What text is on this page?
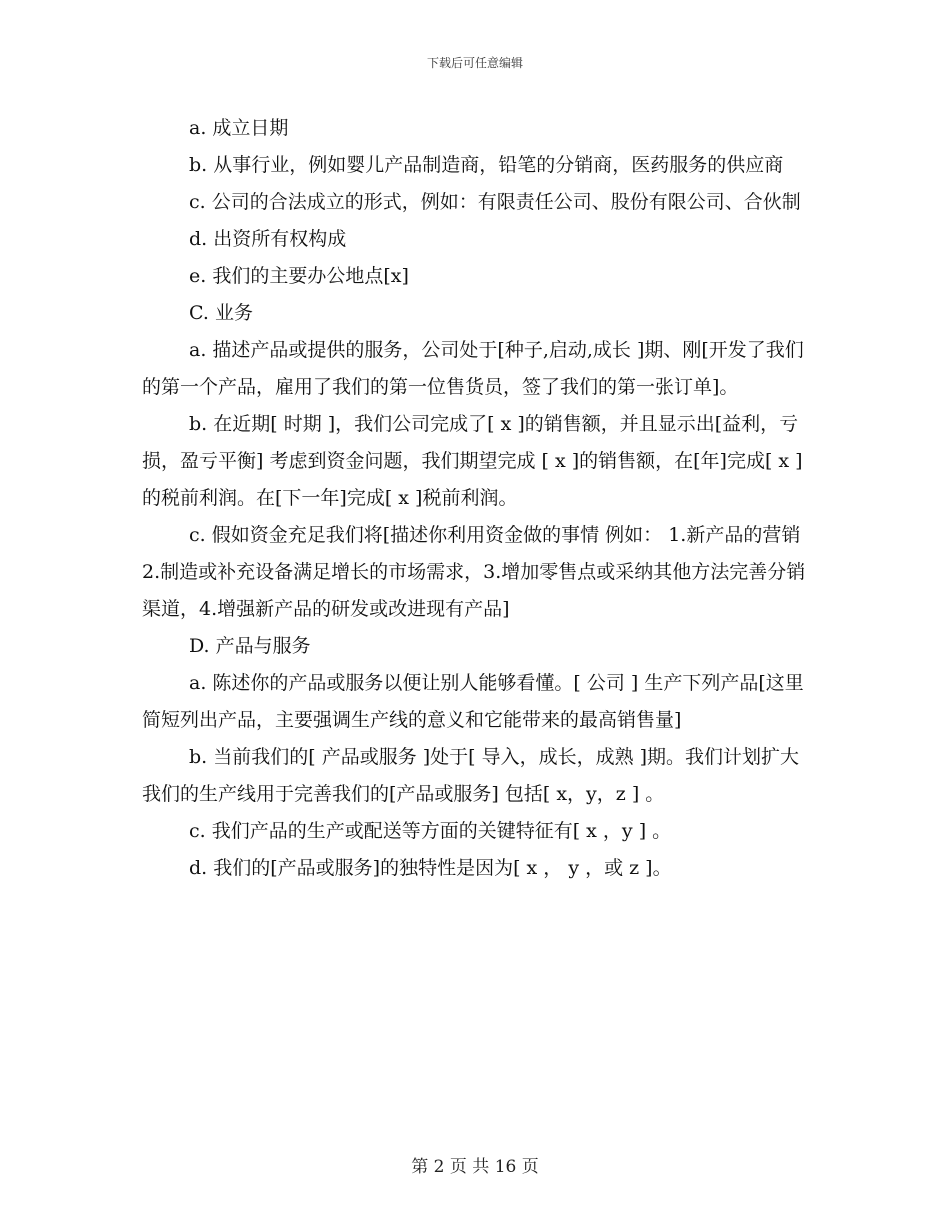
下载后可任意编辑

a. 成立日期

b. 从事行业，例如婴儿产品制造商，铅笔的分销商，医药服务的供应商

c. 公司的合法成立的形式，例如：有限责任公司、股份有限公司、合伙制

d. 出资所有权构成

e. 我们的主要办公地点[x]

C. 业务

a. 描述产品或提供的服务，公司处于[种子,启动,成长 ]期、刚[开发了我们的第一个产品，雇用了我们的第一位售货员，签了我们的第一张订单]。

b. 在近期[ 时期 ]，我们公司完成了[ x ]的销售额，并且显示出[益利，亏损，盈亏平衡] 考虑到资金问题，我们期望完成 [ x ]的销售额，在[年]完成[ x ]的税前利润。在[下一年]完成[ x ]税前利润。

c. 假如资金充足我们将[描述你利用资金做的事情 例如： 1.新产品的营销 2.制造或补充设备满足增长的市场需求，3.增加零售点或采纳其他方法完善分销渠道，4.增强新产品的研发或改进现有产品]

D. 产品与服务

a. 陈述你的产品或服务以便让别人能够看懂。[ 公司 ] 生产下列产品[这里简短列出产品，主要强调生产线的意义和它能带来的最高销售量]

b. 当前我们的[ 产品或服务 ]处于[ 导入，成长，成熟 ]期。我们计划扩大我们的生产线用于完善我们的[产品或服务] 包括[ x，y，z ] 。

c. 我们产品的生产或配送等方面的关键特征有[ x ，y ] 。

d. 我们的[产品或服务]的独特性是因为[ x ， y ，或 z ]。

第 2 页 共 16 页
